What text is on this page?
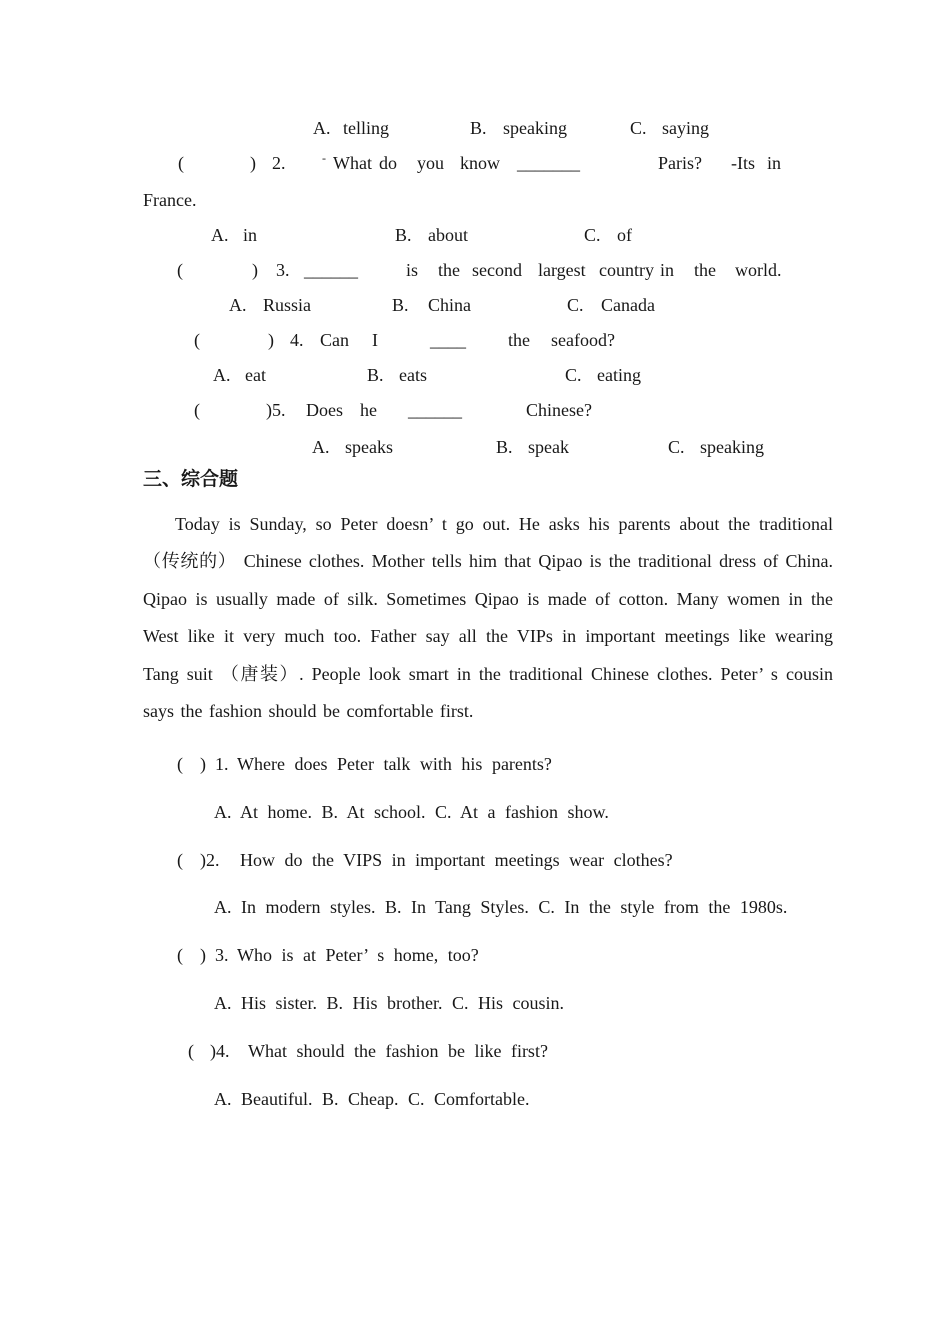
Today is Sunday, so Peter doesn’ t go out. He asks his parents about the traditional
（传统的） Chinese clothes. Mother tells him that Qipao is the traditional dress of China.
Qipao is usually made of silk. Sometimes Qipao is made of cotton. Many women in the
West like it very much too. Father say all the VIPs in important meetings like wearing
Tang suit （唐装）. People look smart in the traditional Chinese clothes. Peter’ s cousin
says the fashion should be comfortable first.
A. telling	B. speaking	C. saying
(	) 2.	- What do you know _______	Paris? -Its in
France.
A. in	B. about	C. of
(	) 3. ______	is the second largest country in the world.
A. Russia	B. China	C. Canada
(	) 4. Can I	____ the seafood?
A. eat	B. eats	C. eating
(	)5. Does he ______	Chinese?
A. speaks	B. speak	C. speaking
三、综合题
( ) 1. Where does Peter talk with his parents?
A. At home. B. At school. C. At a fashion show.
( )2. How do the VIPS in important meetings wear clothes?
A. In modern styles. B. In Tang Styles. C. In the style from the 1980s.
( ) 3. Who is at Peter’ s home, too?
A. His sister. B. His brother. C. His cousin.
( )4. What should the fashion be like first?
A. Beautiful. B. Cheap. C. Comfortable.
